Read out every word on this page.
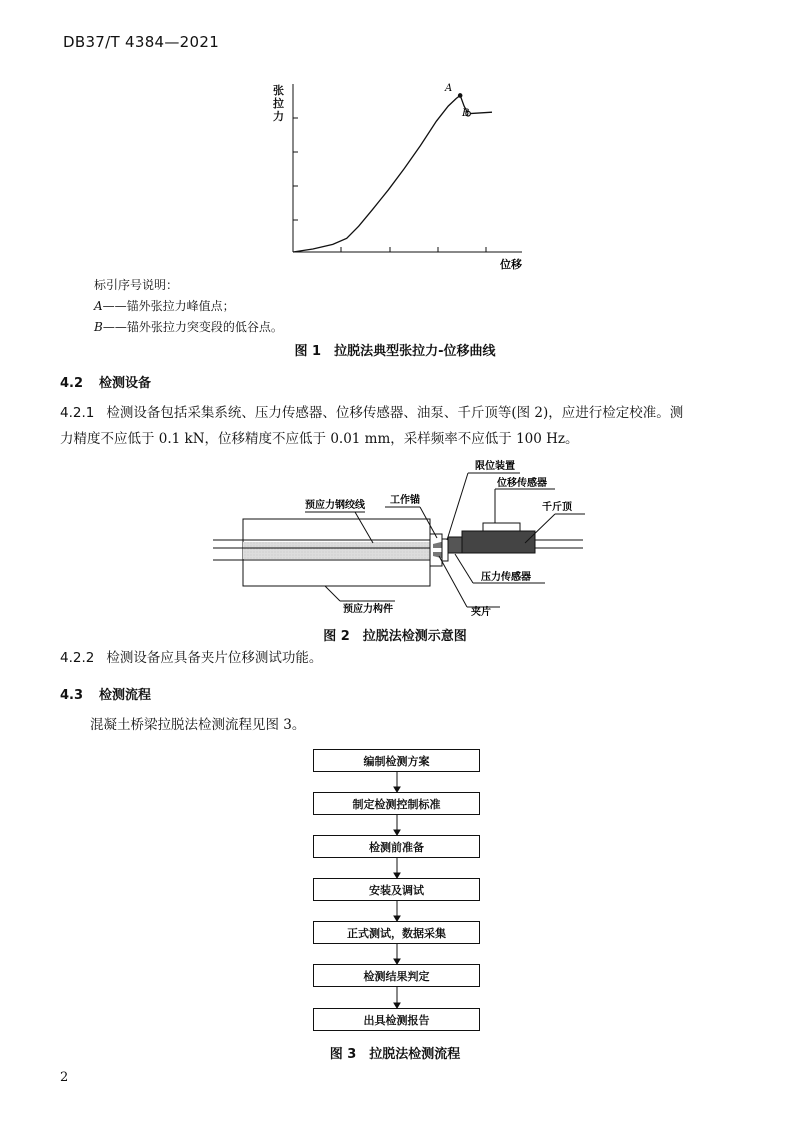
DB37/T 4384—2021
A
B
位移
张拉力
标引序号说明：
A——锚外张拉力峰值点；
B——锚外张拉力突变段的低谷点。
图 1　拉脱法典型张拉力-位移曲线
4.2 检测设备
4.2.1 检测设备包括采集系统、压力传感器、位移传感器、油泵、千斤顶等(图 2)，应进行检定校准。测
力精度不应低于 0.1 kN，位移精度不应低于 0.01 mm，采样频率不应低于 100 Hz。
预应力钢绞线	工作锚
限位装置
位移传感器
千斤顶
压力传感器
预应力构件	夹片
图 2　拉脱法检测示意图
4.2.2 检测设备应具备夹片位移测试功能。
4.3 检测流程
混凝土桥梁拉脱法检测流程见图 3。
编制检测方案
制定检测控制标准
检测前准备
安装及调试
正式测试，数据采集
检测结果判定
出具检测报告
图 3　拉脱法检测流程
2
